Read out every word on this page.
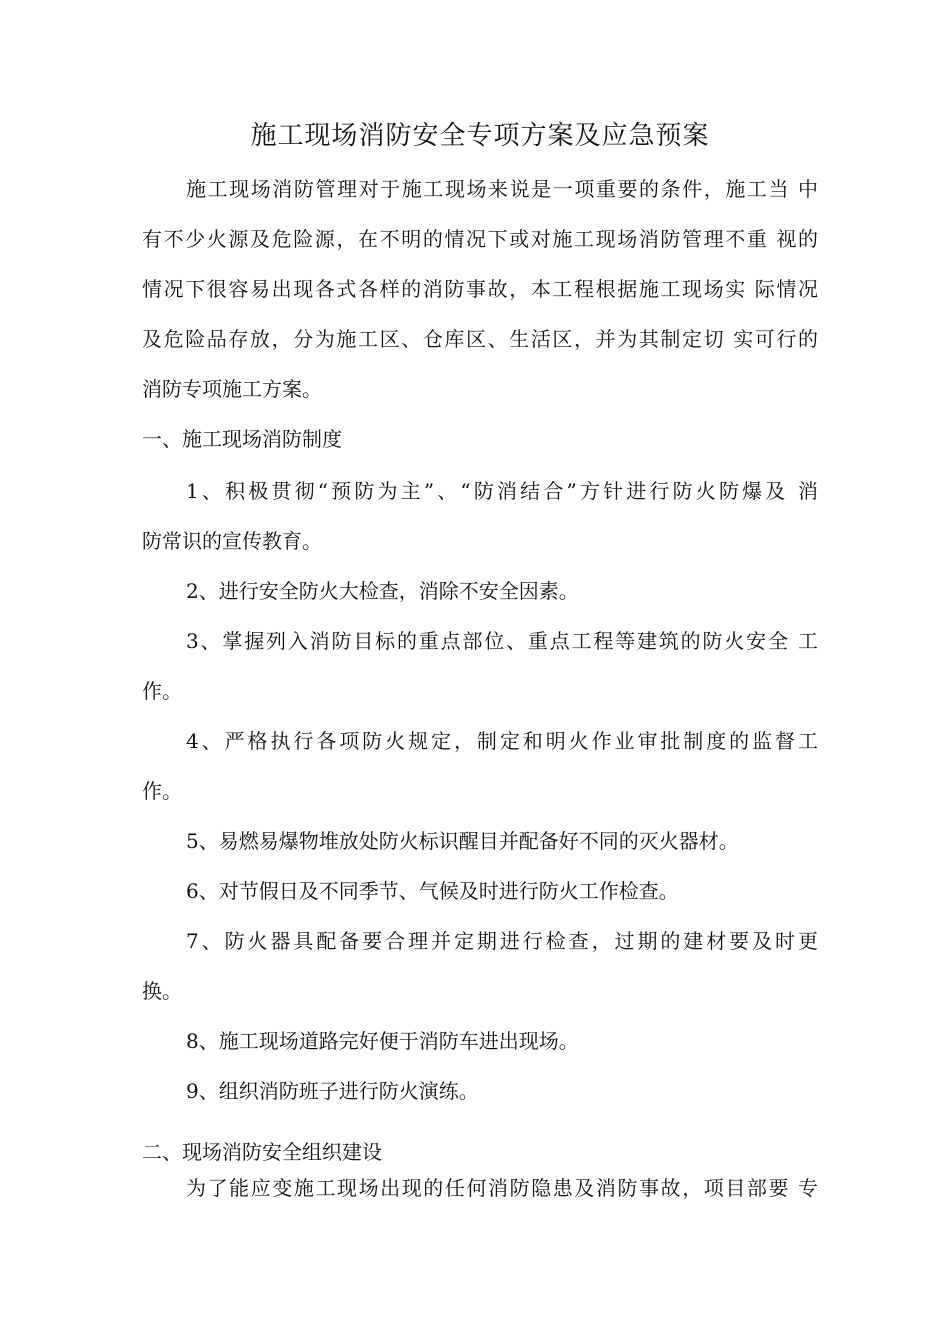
施工现场消防安全专项方案及应急预案
施工现场消防管理对于施工现场来说是一项重要的条件，施工当 中
有不少火源及危险源，在不明的情况下或对施工现场消防管理不重 视的
情况下很容易出现各式各样的消防事故，本工程根据施工现场实 际情况
及危险品存放，分为施工区、仓库区、生活区，并为其制定切 实可行的
消防专项施工方案。
一、施工现场消防制度
1、积极贯彻“预防为主”、“防消结合”方针进行防火防爆及 消
防常识的宣传教育。
2、进行安全防火大检查，消除不安全因素。
3、掌握列入消防目标的重点部位、重点工程等建筑的防火安全 工
作。
4、严格执行各项防火规定，制定和明火作业审批制度的监督工
作。
5、易燃易爆物堆放处防火标识醒目并配备好不同的灭火器材。
6、对节假日及不同季节、气候及时进行防火工作检查。
7、防火器具配备要合理并定期进行检查，过期的建材要及时更
换。
8、施工现场道路完好便于消防车进出现场。
9、组织消防班子进行防火演练。
二、现场消防安全组织建设
为了能应变施工现场出现的任何消防隐患及消防事故，项目部要 专
